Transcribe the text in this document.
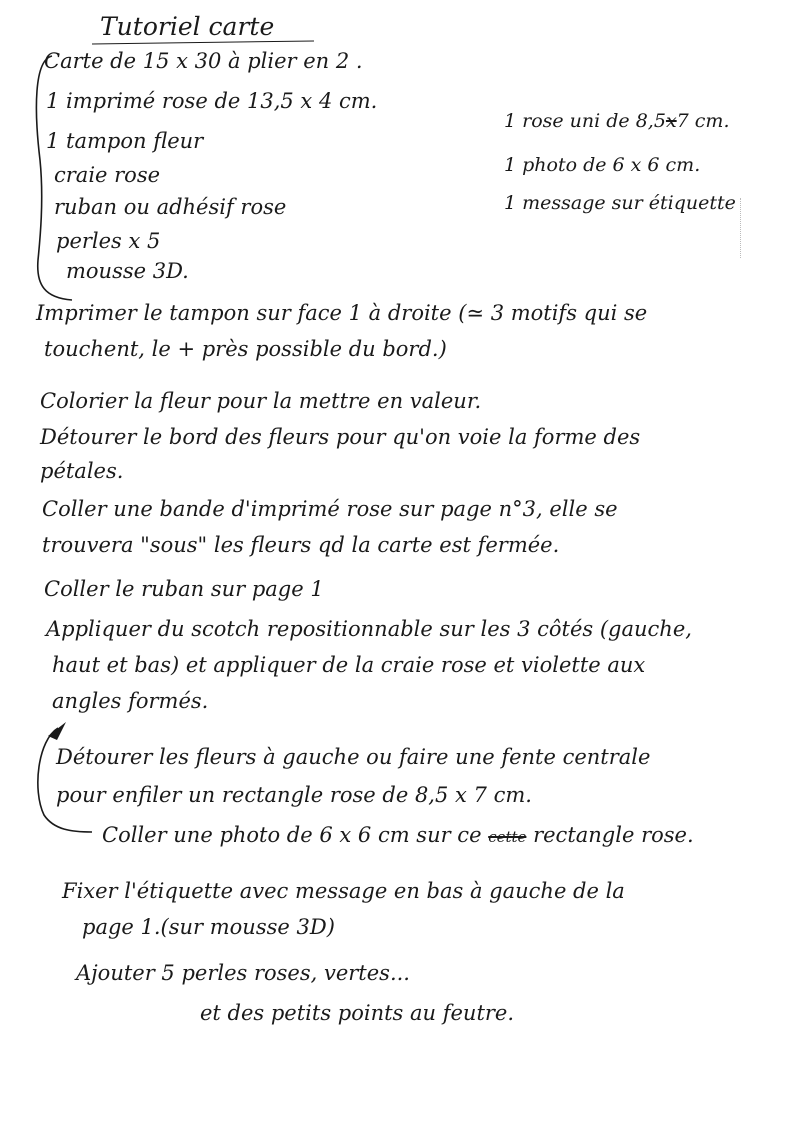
Tutoriel carte
Carte de 15 x 30 à plier en 2 .
1 imprimé rose de 13,5 x 4 cm.
1 tampon fleur
craie rose
ruban ou adhésif rose
perles x 5
mousse 3D.
1 rose uni de 8,5x7 cm.
1 photo de 6 x 6 cm.
1 message sur étiquette
Imprimer le tampon sur face 1 à droite (≃ 3 motifs qui se
touchent, le + près possible du bord.)
Colorier la fleur pour la mettre en valeur.
Détourer le bord des fleurs pour qu'on voie la forme des
pétales.
Coller une bande d'imprimé rose sur page n°3, elle se
trouvera "sous" les fleurs qd la carte est fermée.
Coller le ruban sur page 1
Appliquer du scotch repositionnable sur les 3 côtés (gauche,
haut et bas) et appliquer de la craie rose et violette aux
angles formés.
Détourer les fleurs à gauche ou faire une fente centrale
pour enfiler un rectangle rose de 8,5 x 7 cm.
Coller une photo de 6 x 6 cm sur ce cette rectangle rose.
Fixer l'étiquette avec message en bas à gauche de la
page 1.(sur mousse 3D)
Ajouter 5 perles roses, vertes...
et des petits points au feutre.
